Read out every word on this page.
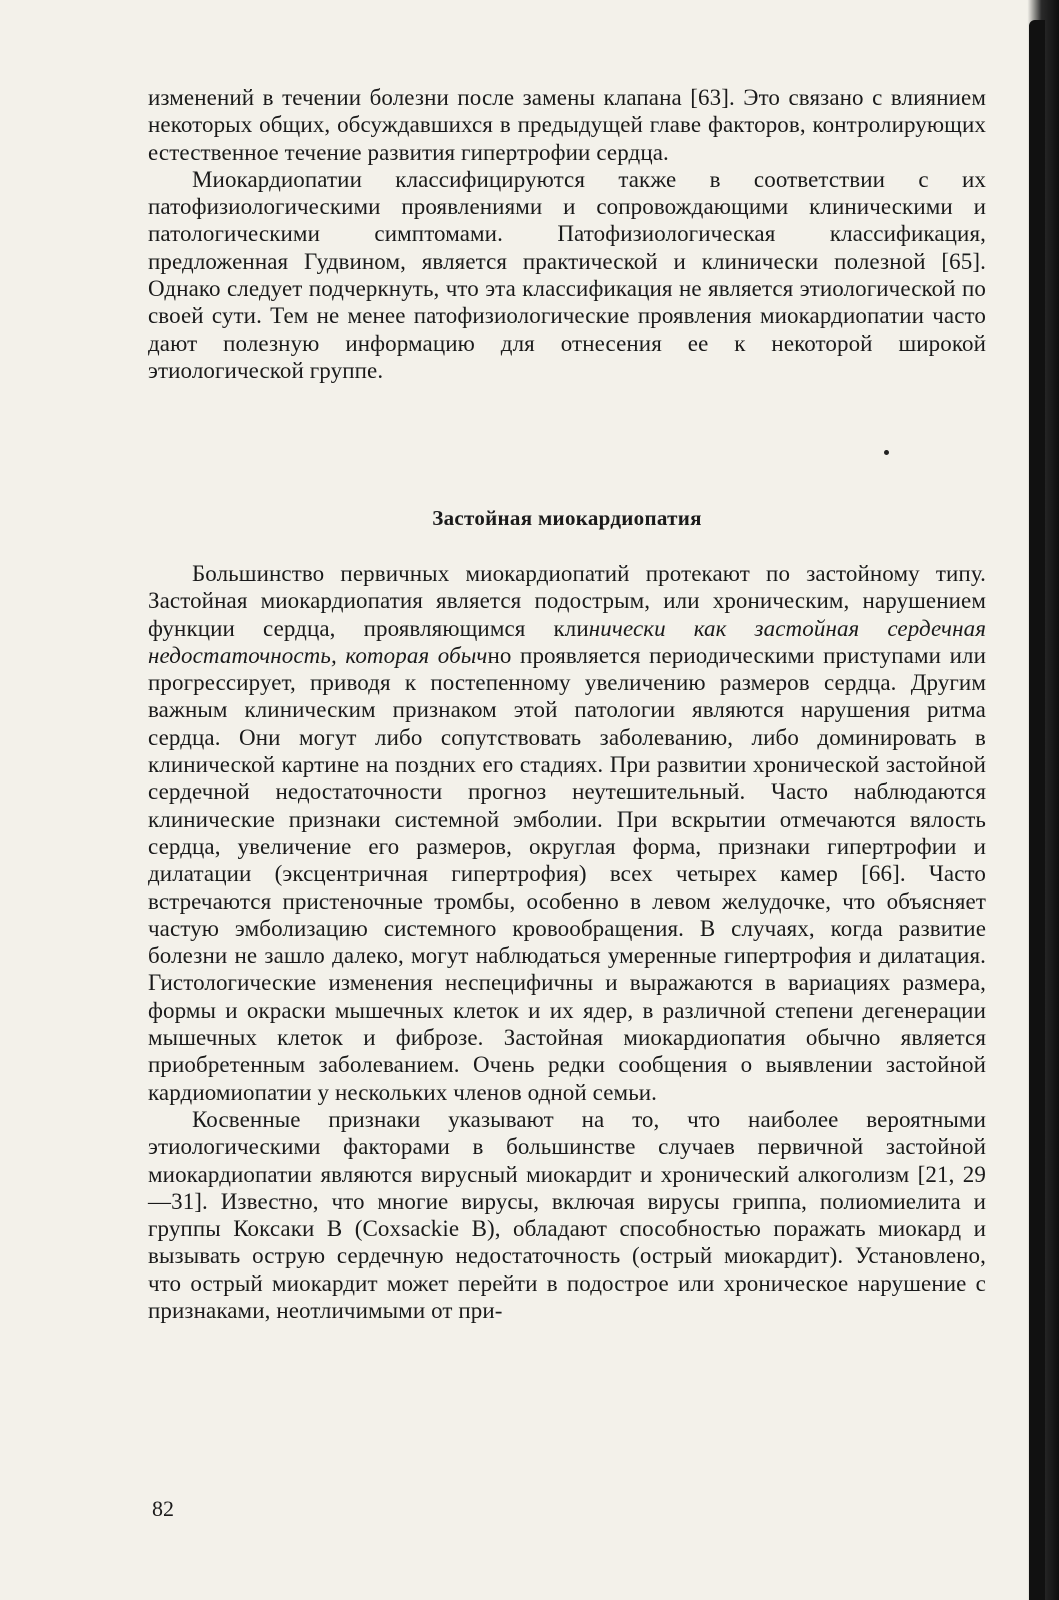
изменений в течении болезни после замены клапана [63]. Это связано с влиянием некоторых общих, обсуждавшихся в предыдущей главе факторов, контролирующих естественное течение развития гипертрофии сердца.

Миокардиопатии классифицируются также в соответствии с их патофизиологическими проявлениями и сопровождающими клиническими и патологическими симптомами. Патофизиологическая классификация, предложенная Гудвином, является практической и клинически полезной [65]. Однако следует подчеркнуть, что эта классификация не является этиологической по своей сути. Тем не менее патофизиологические проявления миокардиопатии часто дают полезную информацию для отнесения ее к некоторой широкой этиологической группе.

Застойная миокардиопатия

Большинство первичных миокардиопатий протекают по застойному типу. Застойная миокардиопатия является подострым, или хроническим, нарушением функции сердца, проявляющимся клинически как застойная сердечная недостаточность, которая обычно проявляется периодическими приступами или прогрессирует, приводя к постепенному увеличению размеров сердца. Другим важным клиническим признаком этой патологии являются нарушения ритма сердца. Они могут либо сопутствовать заболеванию, либо доминировать в клинической картине на поздних его стадиях. При развитии хронической застойной сердечной недостаточности прогноз неутешительный. Часто наблюдаются клинические признаки системной эмболии. При вскрытии отмечаются вялость сердца, увеличение его размеров, округлая форма, признаки гипертрофии и дилатации (эксцентричная гипертрофия) всех четырех камер [66]. Часто встречаются пристеночные тромбы, особенно в левом желудочке, что объясняет частую эмболизацию системного кровообращения. В случаях, когда развитие болезни не зашло далеко, могут наблюдаться умеренные гипертрофия и дилатация. Гистологические изменения неспецифичны и выражаются в вариациях размера, формы и окраски мышечных клеток и их ядер, в различной степени дегенерации мышечных клеток и фиброзе. Застойная миокардиопатия обычно является приобретенным заболеванием. Очень редки сообщения о выявлении застойной кардиомиопатии у нескольких членов одной семьи.

Косвенные признаки указывают на то, что наиболее вероятными этиологическими факторами в большинстве случаев первичной застойной миокардиопатии являются вирусный миокардит и хронический алкоголизм [21, 29—31]. Известно, что многие вирусы, включая вирусы гриппа, полиомиелита и группы Коксаки В (Coxsackie В), обладают способностью поражать миокард и вызывать острую сердечную недостаточность (острый миокардит). Установлено, что острый миокардит может перейти в подострое или хроническое нарушение с признаками, неотличимыми от при-

82
